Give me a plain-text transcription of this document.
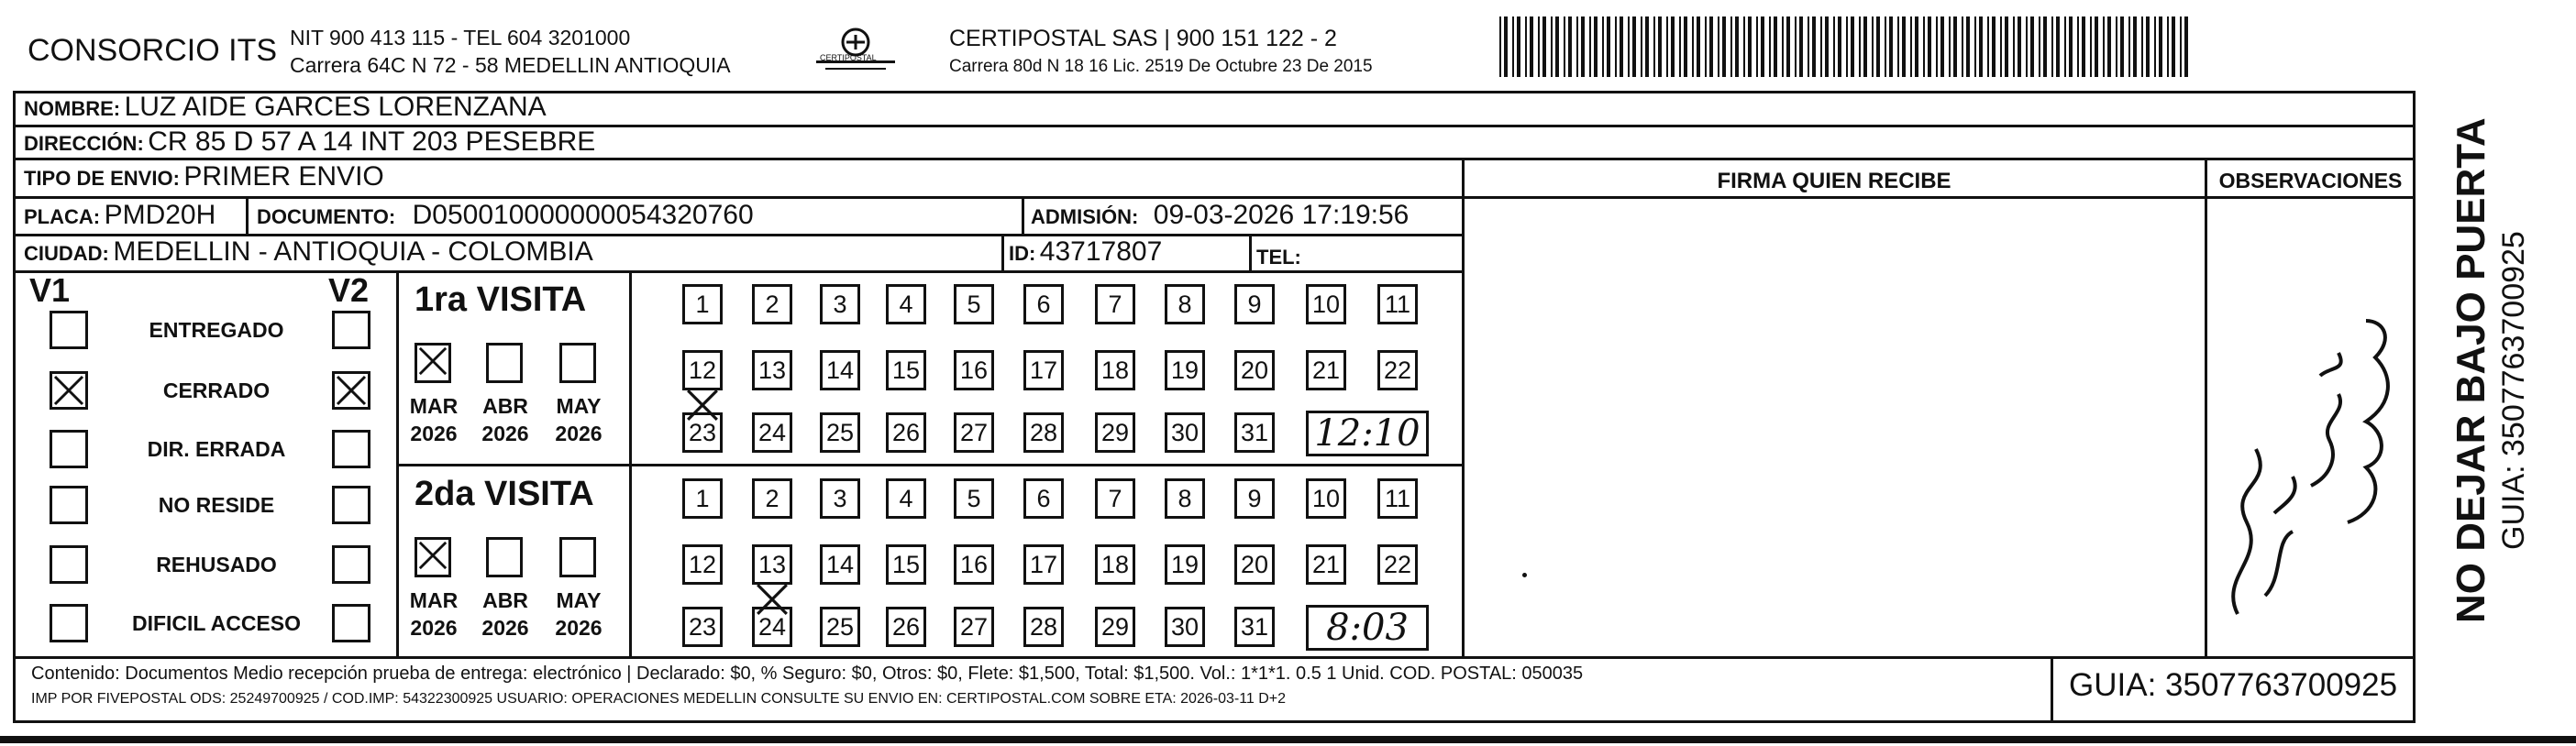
CONSORCIO ITS NIT 900 413 115 - TEL 604 3201000
Carrera 64C N 72 - 58 MEDELLIN ANTIOQUIA	CERTIPOSTAL
CERTIPOSTAL SAS | 900 151 122 - 2
Carrera 80d N 18 16 Lic. 2519 De Octubre 23 De 2015
NOMBRE: LUZ AIDE GARCES LORENZANA
DIRECCIÓN: CR 85 D 57 A 14 INT 203 PESEBRE
TIPO DE ENVIO: PRIMER ENVIO
PLACA: PMD20H DOCUMENTO: D050010000000054320760	ADMISIÓN: 09-03-2026 17:19:56
CIUDAD: MEDELLIN - ANTIOQUIA - COLOMBIA	ID: 43717807	TEL:
FIRMA QUIEN RECIBE	OBSERVACIONES
V1	V2
ENTREGADO
CERRADO
DIR. ERRADA
NO RESIDE
REHUSADO
DIFICIL ACCESO
1ra VISITA
MAR
2026
ABR
2026
MAY
2026
1	2	3	4	5	6	7	8	9	10 11
12 13 14 15 16 17 18 19 20 21 22
23 24 25 26 27 28 29 30 31 12:10
2da VISITA
MAR
2026
ABR
2026
MAY
2026
1	2	3	4	5	6	7	8	9	10 11
12 13 14 15 16 17 18 19 20 21 22
23 24 25 26 27 28 29 30 31	8:03
NO DEJAR BAJO PUERTA GUIA: 3507763700925
Contenido: Documentos Medio recepción prueba de entrega: electrónico | Declarado: $0, % Seguro: $0, Otros: $0, Flete: $1,500, Total: $1,500. Vol.: 1*1*1. 0.5 1 Unid. COD. POSTAL: 050035
IMP POR FIVEPOSTAL ODS: 25249700925 / COD.IMP: 54322300925 USUARIO: OPERACIONES MEDELLIN CONSULTE SU ENVIO EN: CERTIPOSTAL.COM SOBRE ETA: 2026-03-11 D+2	GUIA: 3507763700925
